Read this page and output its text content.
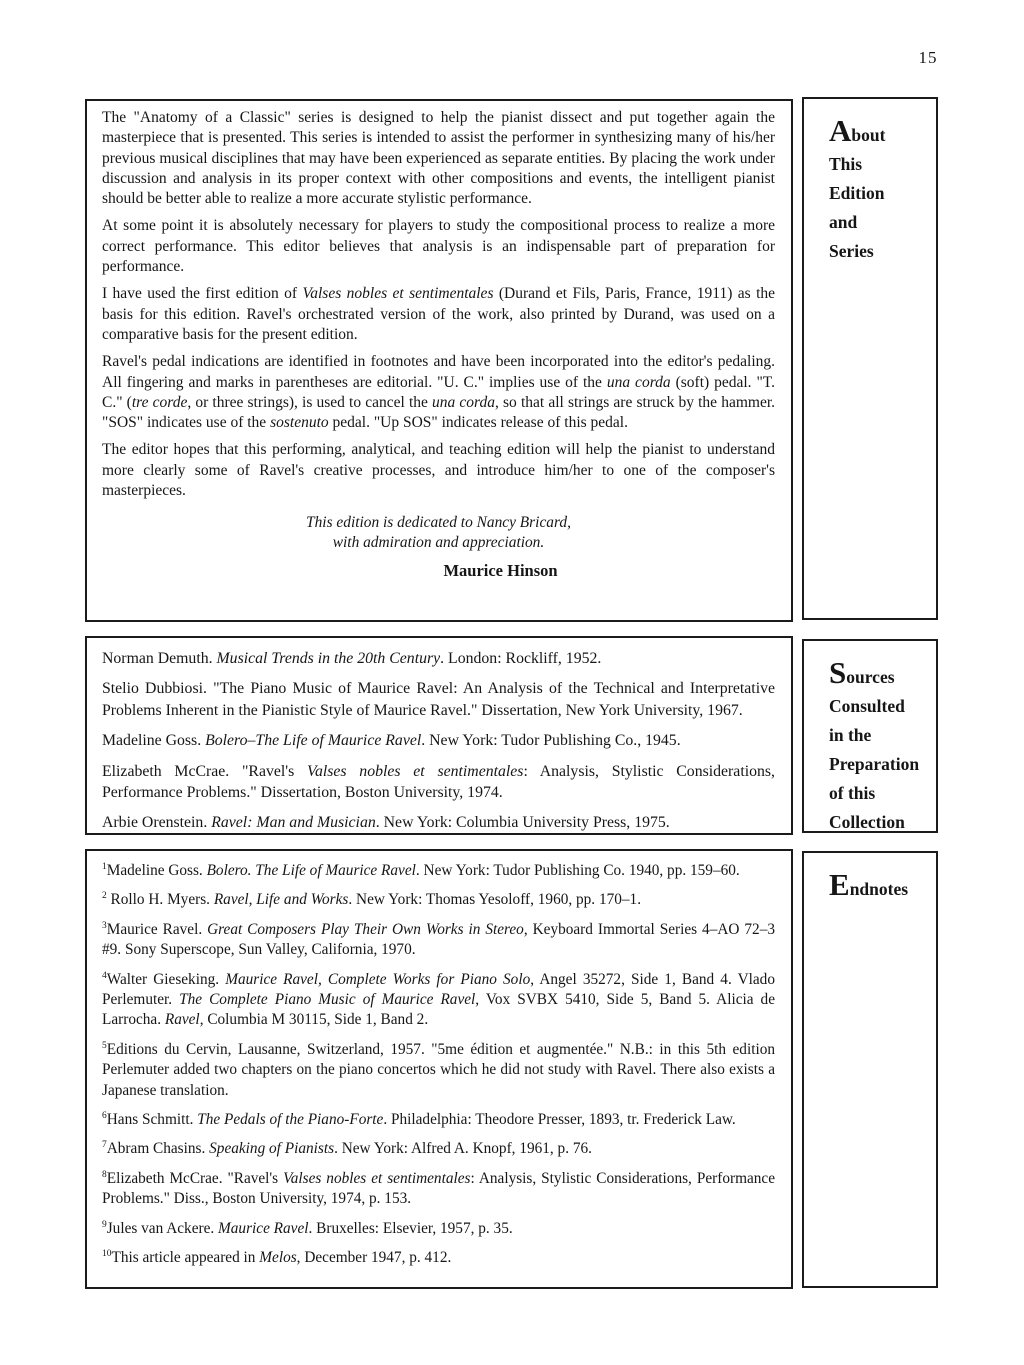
15

The "Anatomy of a Classic" series is designed to help the pianist dissect and put together again the masterpiece that is presented. This series is intended to assist the performer in synthesizing many of his/her previous musical disciplines that may have been experienced as separate entities. By placing the work under discussion and analysis in its proper context with other compositions and events, the intelligent pianist should be better able to realize a more accurate stylistic performance.

At some point it is absolutely necessary for players to study the compositional process to realize a more correct performance. This editor believes that analysis is an indispensable part of preparation for performance.

I have used the first edition of Valses nobles et sentimentales (Durand et Fils, Paris, France, 1911) as the basis for this edition. Ravel's orchestrated version of the work, also printed by Durand, was used on a comparative basis for the present edition.

Ravel's pedal indications are identified in footnotes and have been incorporated into the editor's pedaling. All fingering and marks in parentheses are editorial. "U. C." implies use of the una corda (soft) pedal. "T. C." (tre corde, or three strings), is used to cancel the una corda, so that all strings are struck by the hammer. "SOS" indicates use of the sostenuto pedal. "Up SOS" indicates release of this pedal.

The editor hopes that this performing, analytical, and teaching edition will help the pianist to understand more clearly some of Ravel's creative processes, and introduce him/her to one of the composer's masterpieces.

This edition is dedicated to Nancy Bricard,
with admiration and appreciation.
Maurice Hinson
About
This
Edition
and
Series

Norman Demuth. Musical Trends in the 20th Century. London: Rockliff, 1952.

Stelio Dubbiosi. "The Piano Music of Maurice Ravel: An Analysis of the Technical and Interpretative Problems Inherent in the Pianistic Style of Maurice Ravel." Dissertation, New York University, 1967.

Madeline Goss. Bolero–The Life of Maurice Ravel. New York: Tudor Publishing Co., 1945.

Elizabeth McCrae. "Ravel's Valses nobles et sentimentales: Analysis, Stylistic Considerations, Performance Problems." Dissertation, Boston University, 1974.

Arbie Orenstein. Ravel: Man and Musician. New York: Columbia University Press, 1975.

Sources
Consulted
in the
Preparation
of this
Collection

$^1$Madeline Goss. Bolero. The Life of Maurice Ravel. New York: Tudor Publishing Co. 1940, pp. 159–60.

$^2$ Rollo H. Myers. Ravel, Life and Works. New York: Thomas Yesoloff, 1960, pp. 170–1.

$^3$Maurice Ravel. Great Composers Play Their Own Works in Stereo, Keyboard Immortal Series 4–AO 72–3 #9. Sony Superscope, Sun Valley, California, 1970.

$^4$Walter Gieseking. Maurice Ravel, Complete Works for Piano Solo, Angel 35272, Side 1, Band 4. Vlado Perlemuter. The Complete Piano Music of Maurice Ravel, Vox SVBX 5410, Side 5, Band 5. Alicia de Larrocha. Ravel, Columbia M 30115, Side 1, Band 2.

$^5$Editions du Cervin, Lausanne, Switzerland, 1957. "5me édition et augmentée." N.B.: in this 5th edition Perlemuter added two chapters on the piano concertos which he did not study with Ravel. There also exists a Japanese translation.

$^6$Hans Schmitt. The Pedals of the Piano-Forte. Philadelphia: Theodore Presser, 1893, tr. Frederick Law.

$^7$Abram Chasins. Speaking of Pianists. New York: Alfred A. Knopf, 1961, p. 76.

$^8$Elizabeth McCrae. "Ravel's Valses nobles et sentimentales: Analysis, Stylistic Considerations, Performance Problems." Diss., Boston University, 1974, p. 153.

$^9$Jules van Ackere. Maurice Ravel. Bruxelles: Elsevier, 1957, p. 35.

$^{10}$This article appeared in Melos, December 1947, p. 412.

Endnotes
